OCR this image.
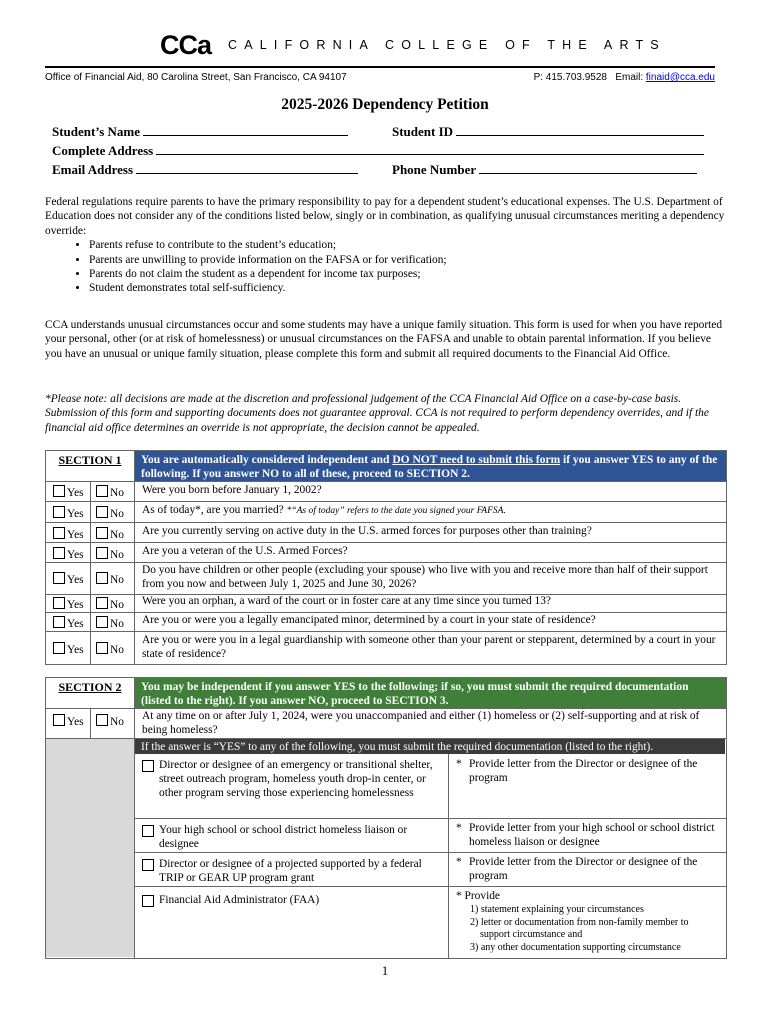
CCa CALIFORNIA COLLEGE OF THE ARTS
Office of Financial Aid, 80 Carolina Street, San Francisco, CA 94107	P: 415.703.9528 Email: finaid@cca.edu
2025-2026 Dependency Petition
Student’s Name	Student ID
Complete Address
Email Address	Phone Number
Federal regulations require parents to have the primary responsibility to pay for a dependent student’s educational expenses. The U.S. Department of Education does not consider any of the conditions listed below, singly or in combination, as qualifying unusual circumstances meriting a dependency override:
• Parents refuse to contribute to the student’s education;
• Parents are unwilling to provide information on the FAFSA or for verification;
• Parents do not claim the student as a dependent for income tax purposes;
• Student demonstrates total self-sufficiency.
CCA understands unusual circumstances occur and some students may have a unique family situation. This form is used for when you have reported your personal, other (or at risk of homelessness) or unusual circumstances on the FAFSA and unable to obtain parental information. If you believe you have an unusual or unique family situation, please complete this form and submit all required documents to the Financial Aid Office.
*Please note: all decisions are made at the discretion and professional judgement of the CCA Financial Aid Office on a case-by-case basis. Submission of this form and supporting documents does not guarantee approval. CCA is not required to perform dependency overrides, and if the financial aid office determines an override is not appropriate, the decision cannot be appealed.
SECTION 1	You are automatically considered independent and DO NOT need to submit this form if you answer YES to any of the following. If you answer NO to all of these, proceed to SECTION 2.
Yes	No Were you born before January 1, 2002?
Yes	No As of today*, are you married? *“As of today” refers to the date you signed your FAFSA.
Yes	No Are you currently serving on active duty in the U.S. armed forces for purposes other than training?
Yes	No Are you a veteran of the U.S. Armed Forces?
Yes	No
Do you have children or other people (excluding your spouse) who live with you and receive more than half of their support from you now and between July 1, 2025 and June 30, 2026?
Yes	No Were you an orphan, a ward of the court or in foster care at any time since you turned 13?
Yes	No Are you or were you a legally emancipated minor, determined by a court in your state of residence?
Yes	No
Are you or were you in a legal guardianship with someone other than your parent or stepparent, determined by a court in your state of residence?
SECTION 2	You may be independent if you answer YES to the following; if so, you must submit the required documentation (listed to the right). If you answer NO, proceed to SECTION 3.
Yes	No At any time on or after July 1, 2024, were you unaccompanied and either (1) homeless or (2) self-supporting and at risk of being homeless?
If the answer is “YES” to any of the following, you must submit the required documentation (listed to the right).
Director or designee of an emergency or transitional shelter, street outreach program, homeless youth drop-in center, or other program serving those experiencing homelessness
* Provide letter from the Director or designee of the program
Your high school or school district homeless liaison or designee
* Provide letter from your high school or school district homeless liaison or designee
Director or designee of a projected supported by a federal TRIP or GEAR UP program grant
* Provide letter from the Director or designee of the program
Financial Aid Administrator (FAA)	* Provide
1) statement explaining your circumstances
2) letter or documentation from non-family member to support circumstance and
3) any other documentation supporting circumstance
1
